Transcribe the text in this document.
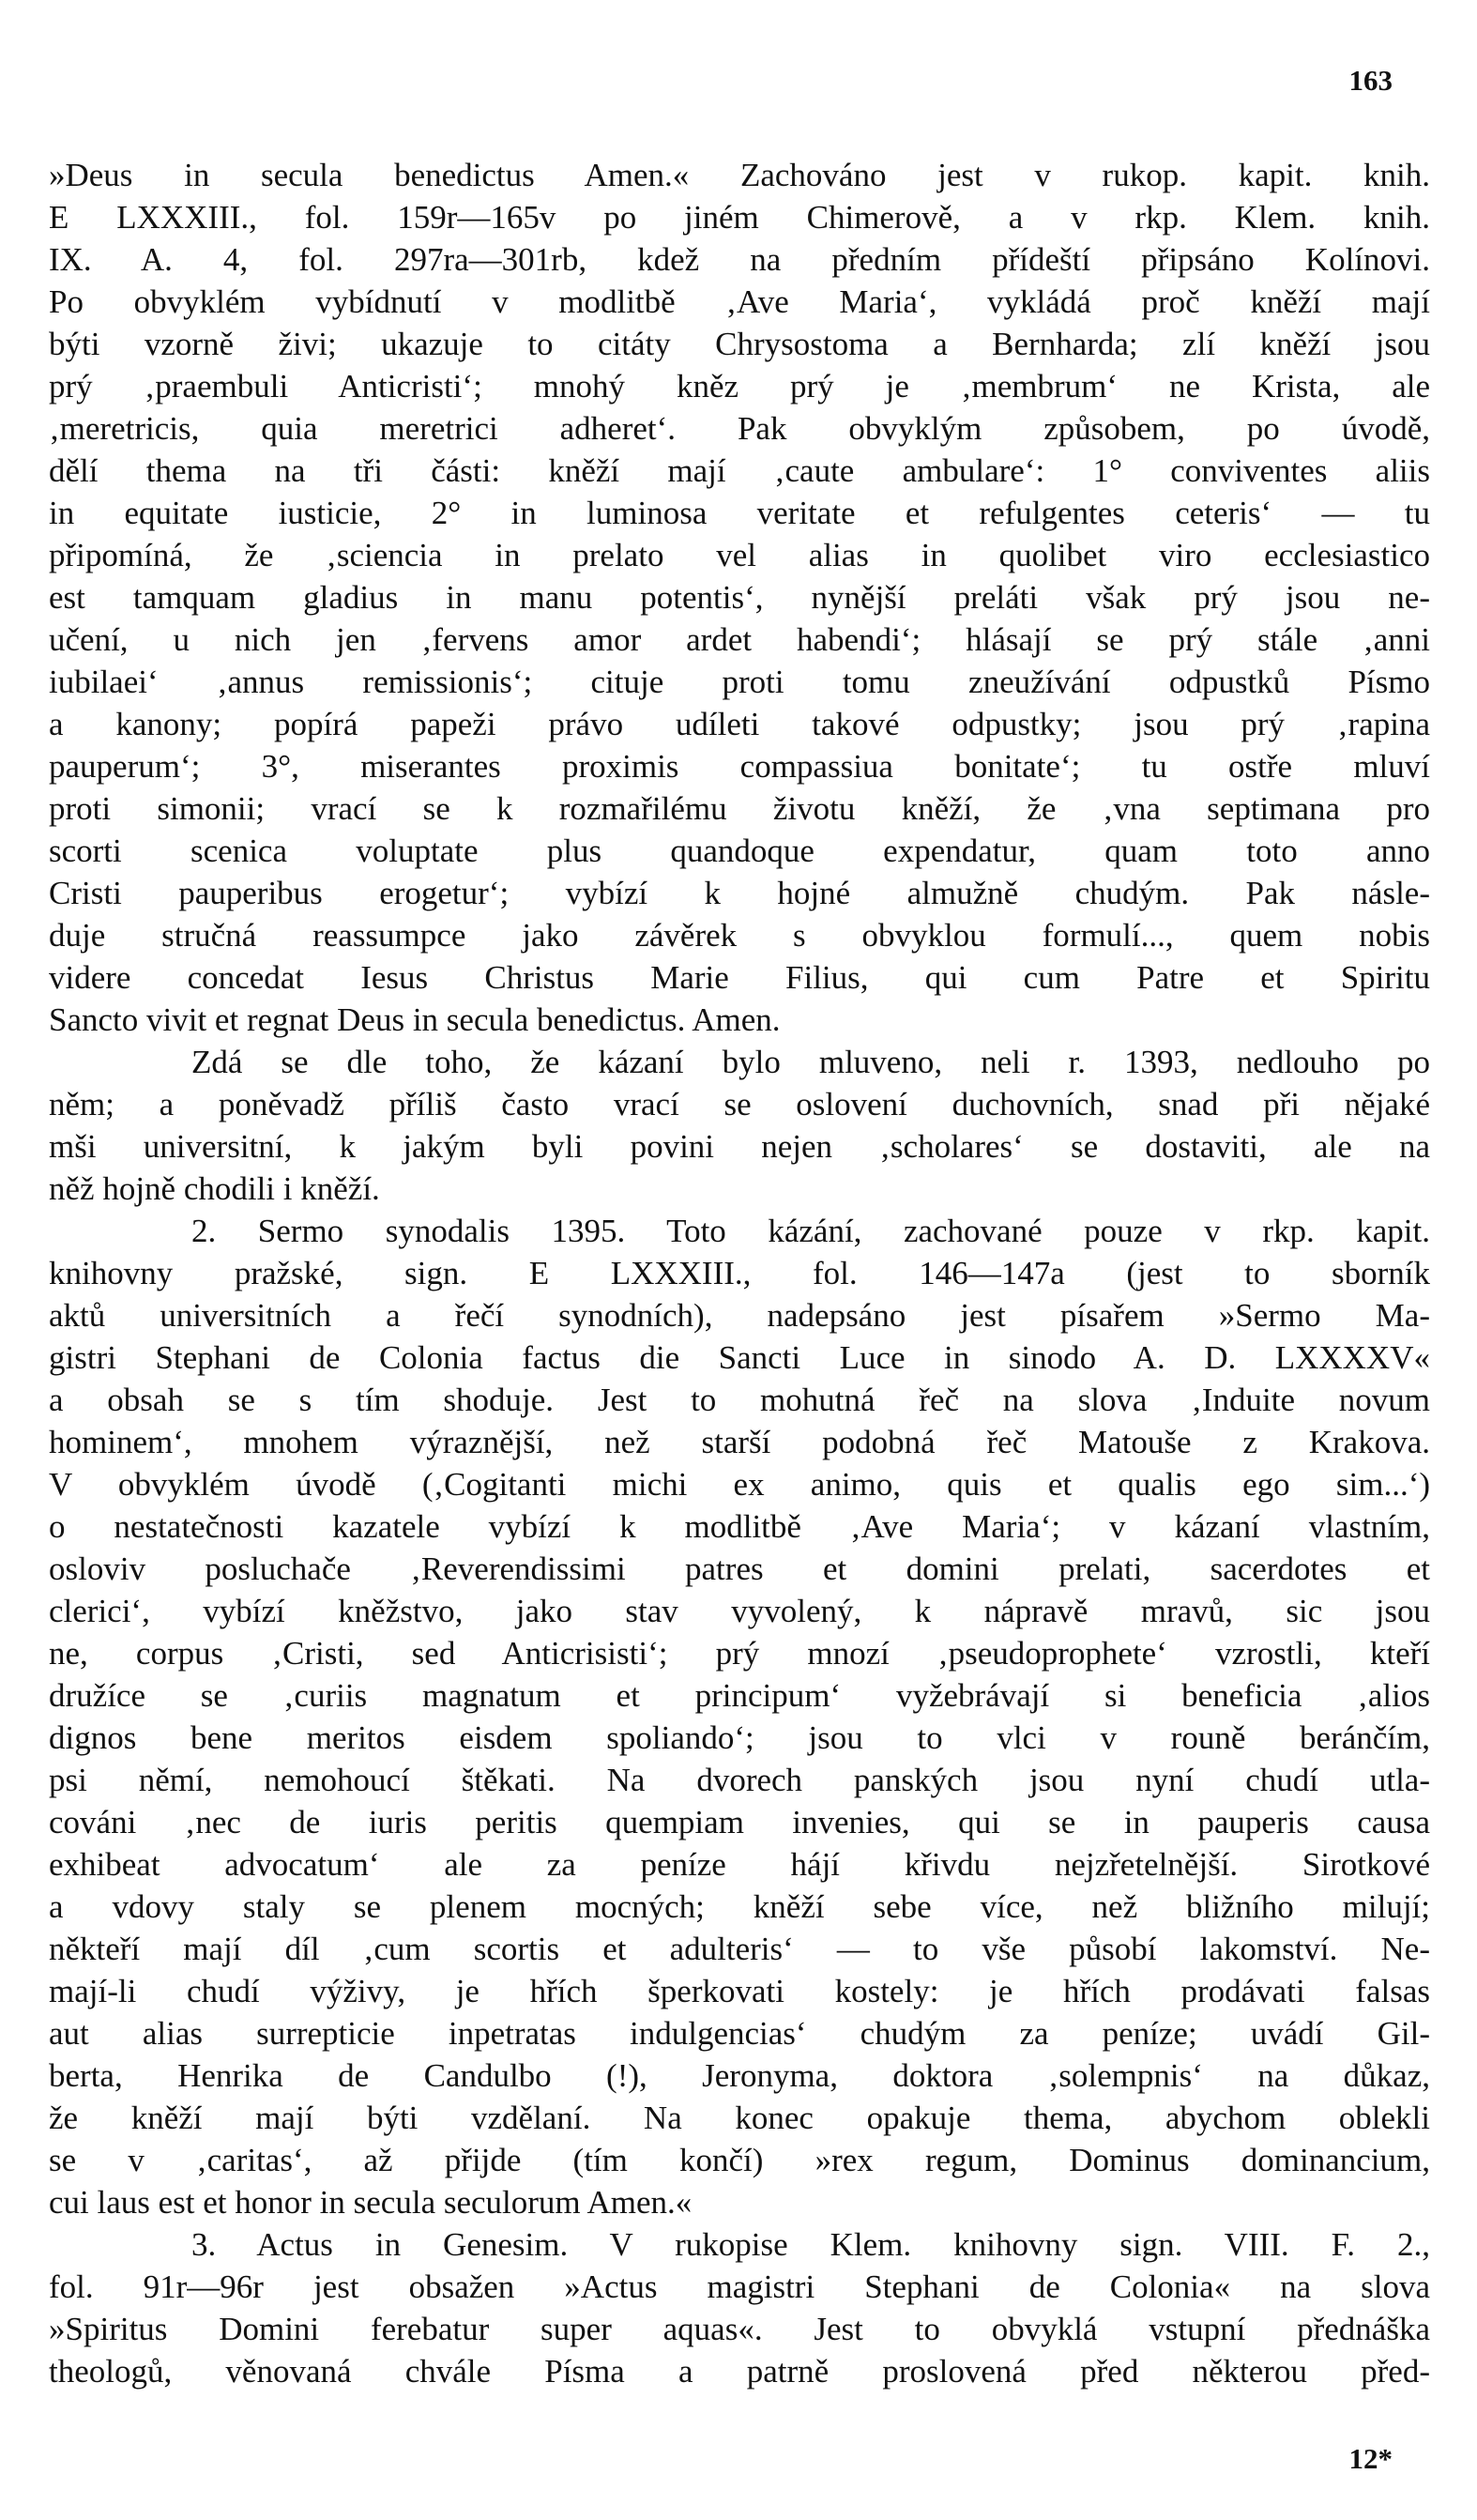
163
»Deus in secula benedictus Amen.« Zachováno jest v rukop. kapit. knih.
E LXXXIII., fol. 159r—165v po jiném Chimerově, a v rkp. Klem. knih.
IX. A. 4, fol. 297ra—301rb, kdež na předním přídeští připsáno Kolínovi.
Po obvyklém vybídnutí v modlitbě ‚Ave Maria‘, vykládá proč kněží mají
býti vzorně živi; ukazuje to citáty Chrysostoma a Bernharda; zlí kněží jsou
prý ‚praembuli Anticristi‘; mnohý kněz prý je ‚membrum‘ ne Krista, ale
‚meretricis, quia meretrici adheret‘. Pak obvyklým způsobem, po úvodě,
dělí thema na tři části: kněží mají ‚caute ambulare‘: 1° conviventes aliis
in equitate iusticie, 2° in luminosa veritate et refulgentes ceteris‘ — tu
připomíná, že ‚sciencia in prelato vel alias in quolibet viro ecclesiastico
est tamquam gladius in manu potentis‘, nynější preláti však prý jsou ne-
učení, u nich jen ‚fervens amor ardet habendi‘; hlásají se prý stále ‚anni
iubilaei‘ ‚annus remissionis‘; cituje proti tomu zneužívání odpustků Písmo
a kanony; popírá papeži právo udíleti takové odpustky; jsou prý ‚rapina
pauperum‘; 3°, miserantes proximis compassiua bonitate‘; tu ostře mluví
proti simonii; vrací se k rozmařilému životu kněží, že ‚vna septimana pro
scorti scenica voluptate plus quandoque expendatur, quam toto anno
Cristi pauperibus erogetur‘; vybízí k hojné almužně chudým. Pak násle-
duje stručná reassumpce jako závěrek s obvyklou formulí..., quem nobis
videre concedat Iesus Christus Marie Filius, qui cum Patre et Spiritu
Sancto vivit et regnat Deus in secula benedictus. Amen.
Zdá se dle toho, že kázaní bylo mluveno, neli r. 1393, nedlouho po
něm; a poněvadž příliš často vrací se oslovení duchovních, snad při nějaké
mši universitní, k jakým byli povini nejen ‚scholares‘ se dostaviti, ale na
něž hojně chodili i kněží.
2. Sermo synodalis 1395. Toto kázání, zachované pouze v rkp. kapit.
knihovny pražské, sign. E LXXXIII., fol. 146—147a (jest to sborník
aktů universitních a řečí synodních), nadepsáno jest písařem »Sermo Ma-
gistri Stephani de Colonia factus die Sancti Luce in sinodo A. D. LXXXXV«
a obsah se s tím shoduje. Jest to mohutná řeč na slova ‚Induite novum
hominem‘, mnohem výraznější, než starší podobná řeč Matouše z Krakova.
V obvyklém úvodě (‚Cogitanti michi ex animo, quis et qualis ego sim...‘)
o nestatečnosti kazatele vybízí k modlitbě ‚Ave Maria‘; v kázaní vlastním,
osloviv posluchače ‚Reverendissimi patres et domini prelati, sacerdotes et
clerici‘, vybízí kněžstvo, jako stav vyvolený, k nápravě mravů, sic jsou
ne, corpus ‚Cristi, sed Anticrisisti‘; prý mnozí ‚pseudoprophete‘ vzrostli, kteří
družíce se ‚curiis magnatum et principum‘ vyžebrávají si beneficia ‚alios
dignos bene meritos eisdem spoliando‘; jsou to vlci v rouně beránčím,
psi němí, nemohoucí štěkati. Na dvorech panských jsou nyní chudí utla-
cováni ‚nec de iuris peritis quempiam invenies, qui se in pauperis causa
exhibeat advocatum‘ ale za peníze hájí křivdu nejzřetelnější. Sirotkové
a vdovy staly se plenem mocných; kněží sebe více, než bližního milují;
někteří mají díl ‚cum scortis et adulteris‘ — to vše působí lakomství. Ne-
mají-li chudí výživy, je hřích šperkovati kostely: je hřích prodávati falsas
aut alias surrepticie inpetratas indulgencias‘ chudým za peníze; uvádí Gil-
berta, Henrika de Candulbo (!), Jeronyma, doktora ‚solempnis‘ na důkaz,
že kněží mají býti vzdělaní. Na konec opakuje thema, abychom oblekli
se v ‚caritas‘, až přijde (tím končí) »rex regum, Dominus dominancium,
cui laus est et honor in secula seculorum Amen.«
3. Actus in Genesim. V rukopise Klem. knihovny sign. VIII. F. 2.,
fol. 91r—96r jest obsažen »Actus magistri Stephani de Colonia« na slova
»Spiritus Domini ferebatur super aquas«. Jest to obvyklá vstupní přednáška
theologů, věnovaná chvále Písma a patrně proslovená před některou před-
12*
